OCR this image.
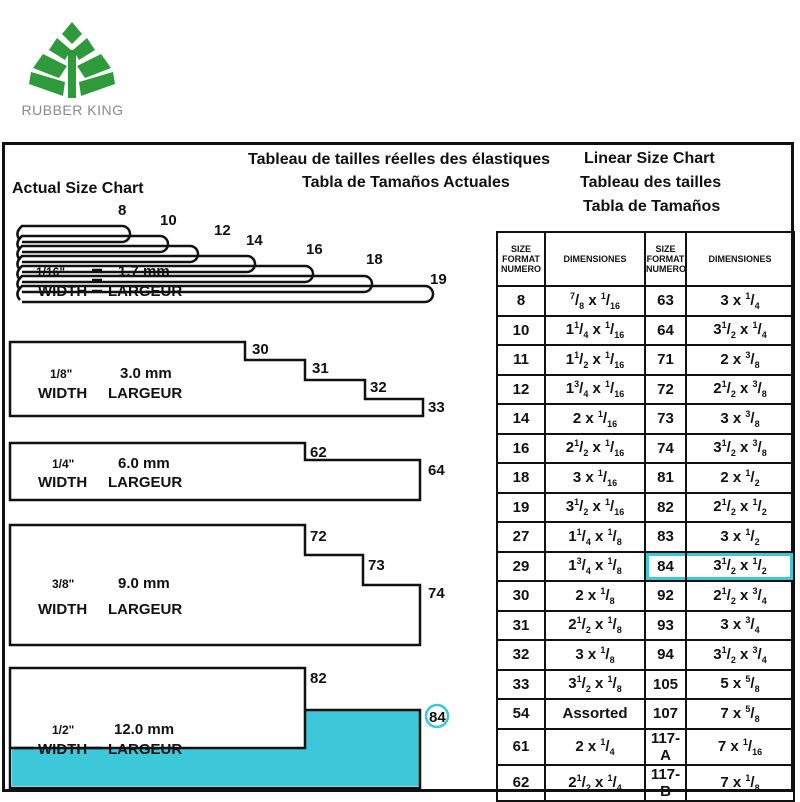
RUBBER KING
Tableau de tailles réelles des élastiques
Tabla de Tamaños Actuales
Actual Size Chart
Linear Size Chart
Tableau des tailles
Tabla de Tamaños
8
10
12
14
16
18
19
1/16"	1.7 mm
WIDTH LARGEUR
30
31
32
33
1/8"	3.0 mm
WIDTH LARGEUR
62
64
1/4"	6.0 mm
WIDTH LARGEUR
72
73
74
3/8"	9.0 mm
WIDTH LARGEUR
82
84
1/2"	12.0 mm
WIDTH LARGEUR
SIZE FORMAT NUMERO	DIMENSIONES	SIZE FORMAT NUMERO	DIMENSIONES
8	$^7/_8$ x $^1/_{16}$	63	3 x $^1/_4$
10	$1^1/_4$ x $^1/_{16}$	64	$3^1/_2$ x $^1/_4$
11	$1^1/_2$ x $^1/_{16}$	71	2 x $^3/_8$
12	$1^3/_4$ x $^1/_{16}$	72	$2^1/_2$ x $^3/_8$
14	2 x $^1/_{16}$	73	3 x $^3/_8$
16	$2^1/_2$ x $^1/_{16}$	74	$3^1/_2$ x $^3/_8$
18	3 x $^1/_{16}$	81	2 x $^1/_2$
19	$3^1/_2$ x $^1/_{16}$	82	$2^1/_2$ x $^1/_2$
27	$1^1/_4$ x $^1/_8$	83	3 x $^1/_2$
29	$1^3/_4$ x $^1/_8$	84	$3^1/_2$ x $^1/_2$
30	2 x $^1/_8$	92	$2^1/_2$ x $^3/_4$
31	$2^1/_2$ x $^1/_8$	93	3 x $^3/_4$
32	3 x $^1/_8$	94	$3^1/_2$ x $^3/_4$
33	$3^1/_2$ x $^1/_8$	105	5 x $^5/_8$
54	Assorted	107	7 x $^5/_8$
61	2 x $^1/_4$	117-A	7 x $^1/_{16}$
62	$2^1/_2$ x $^1/_4$	117-B	7 x $^1/_8$
